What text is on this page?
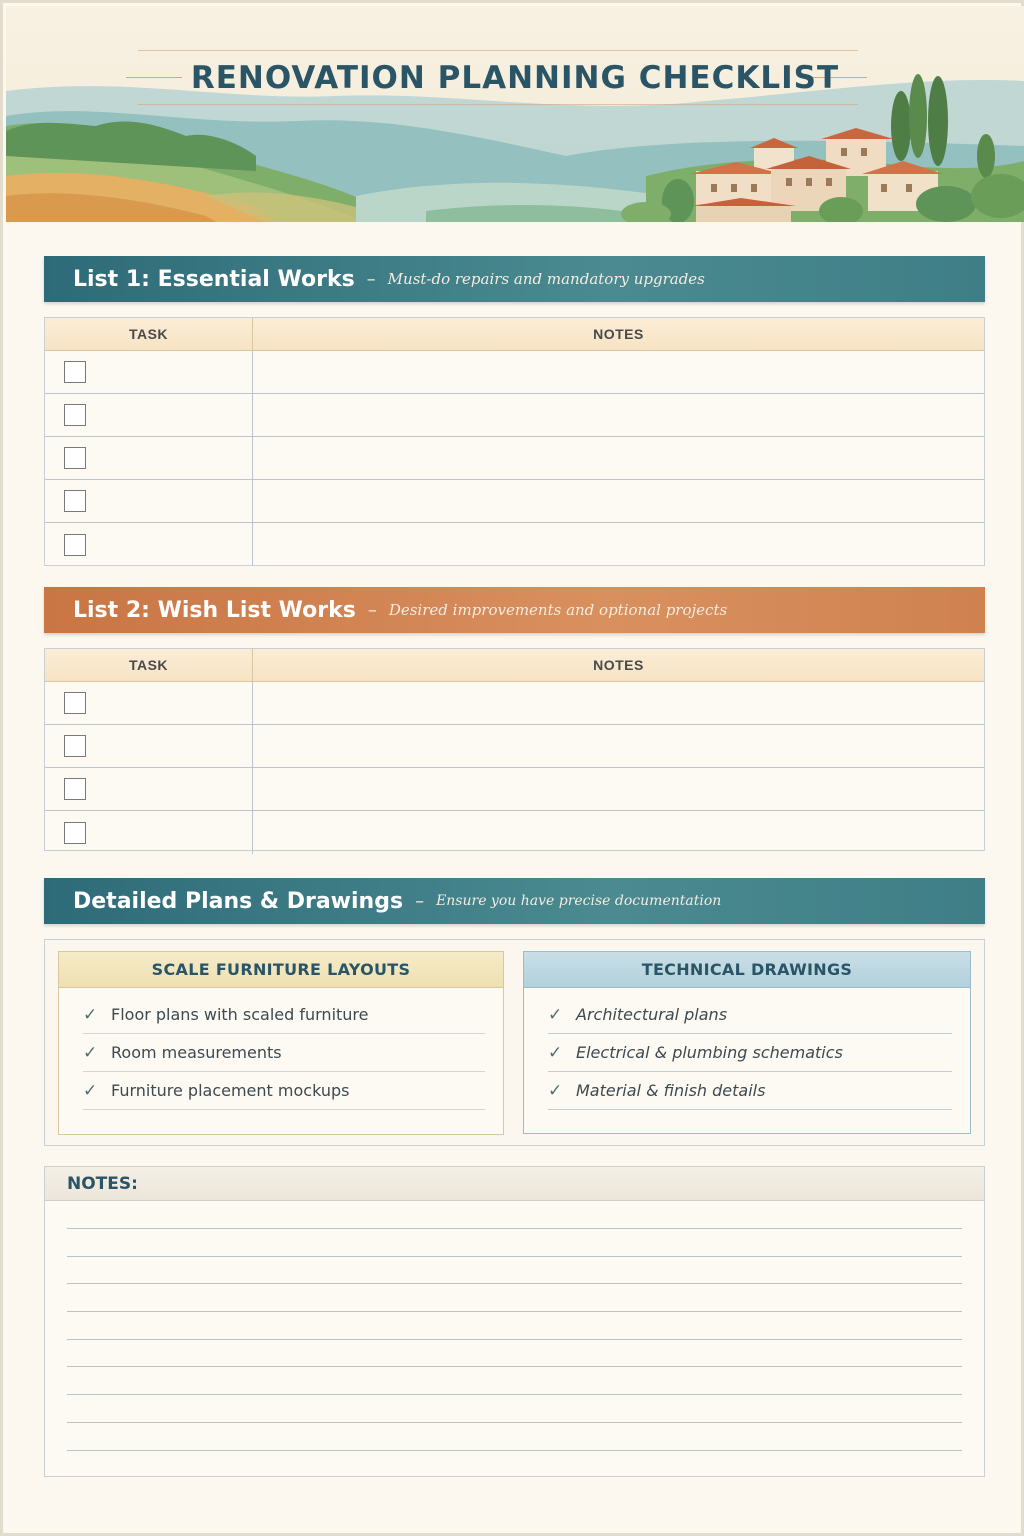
RENOVATION PLANNING CHECKLIST
List 1: Essential Works – Must-do repairs and mandatory upgrades
TASK	NOTES
List 2: Wish List Works – Desired improvements and optional projects
TASK	NOTES
Detailed Plans & Drawings – Ensure you have precise documentation
SCALE FURNITURE LAYOUTS
✓ Floor plans with scaled furniture
✓ Room measurements
✓ Furniture placement mockups
TECHNICAL DRAWINGS
✓ Architectural plans
✓ Electrical & plumbing schematics
✓ Material & finish details
NOTES:
